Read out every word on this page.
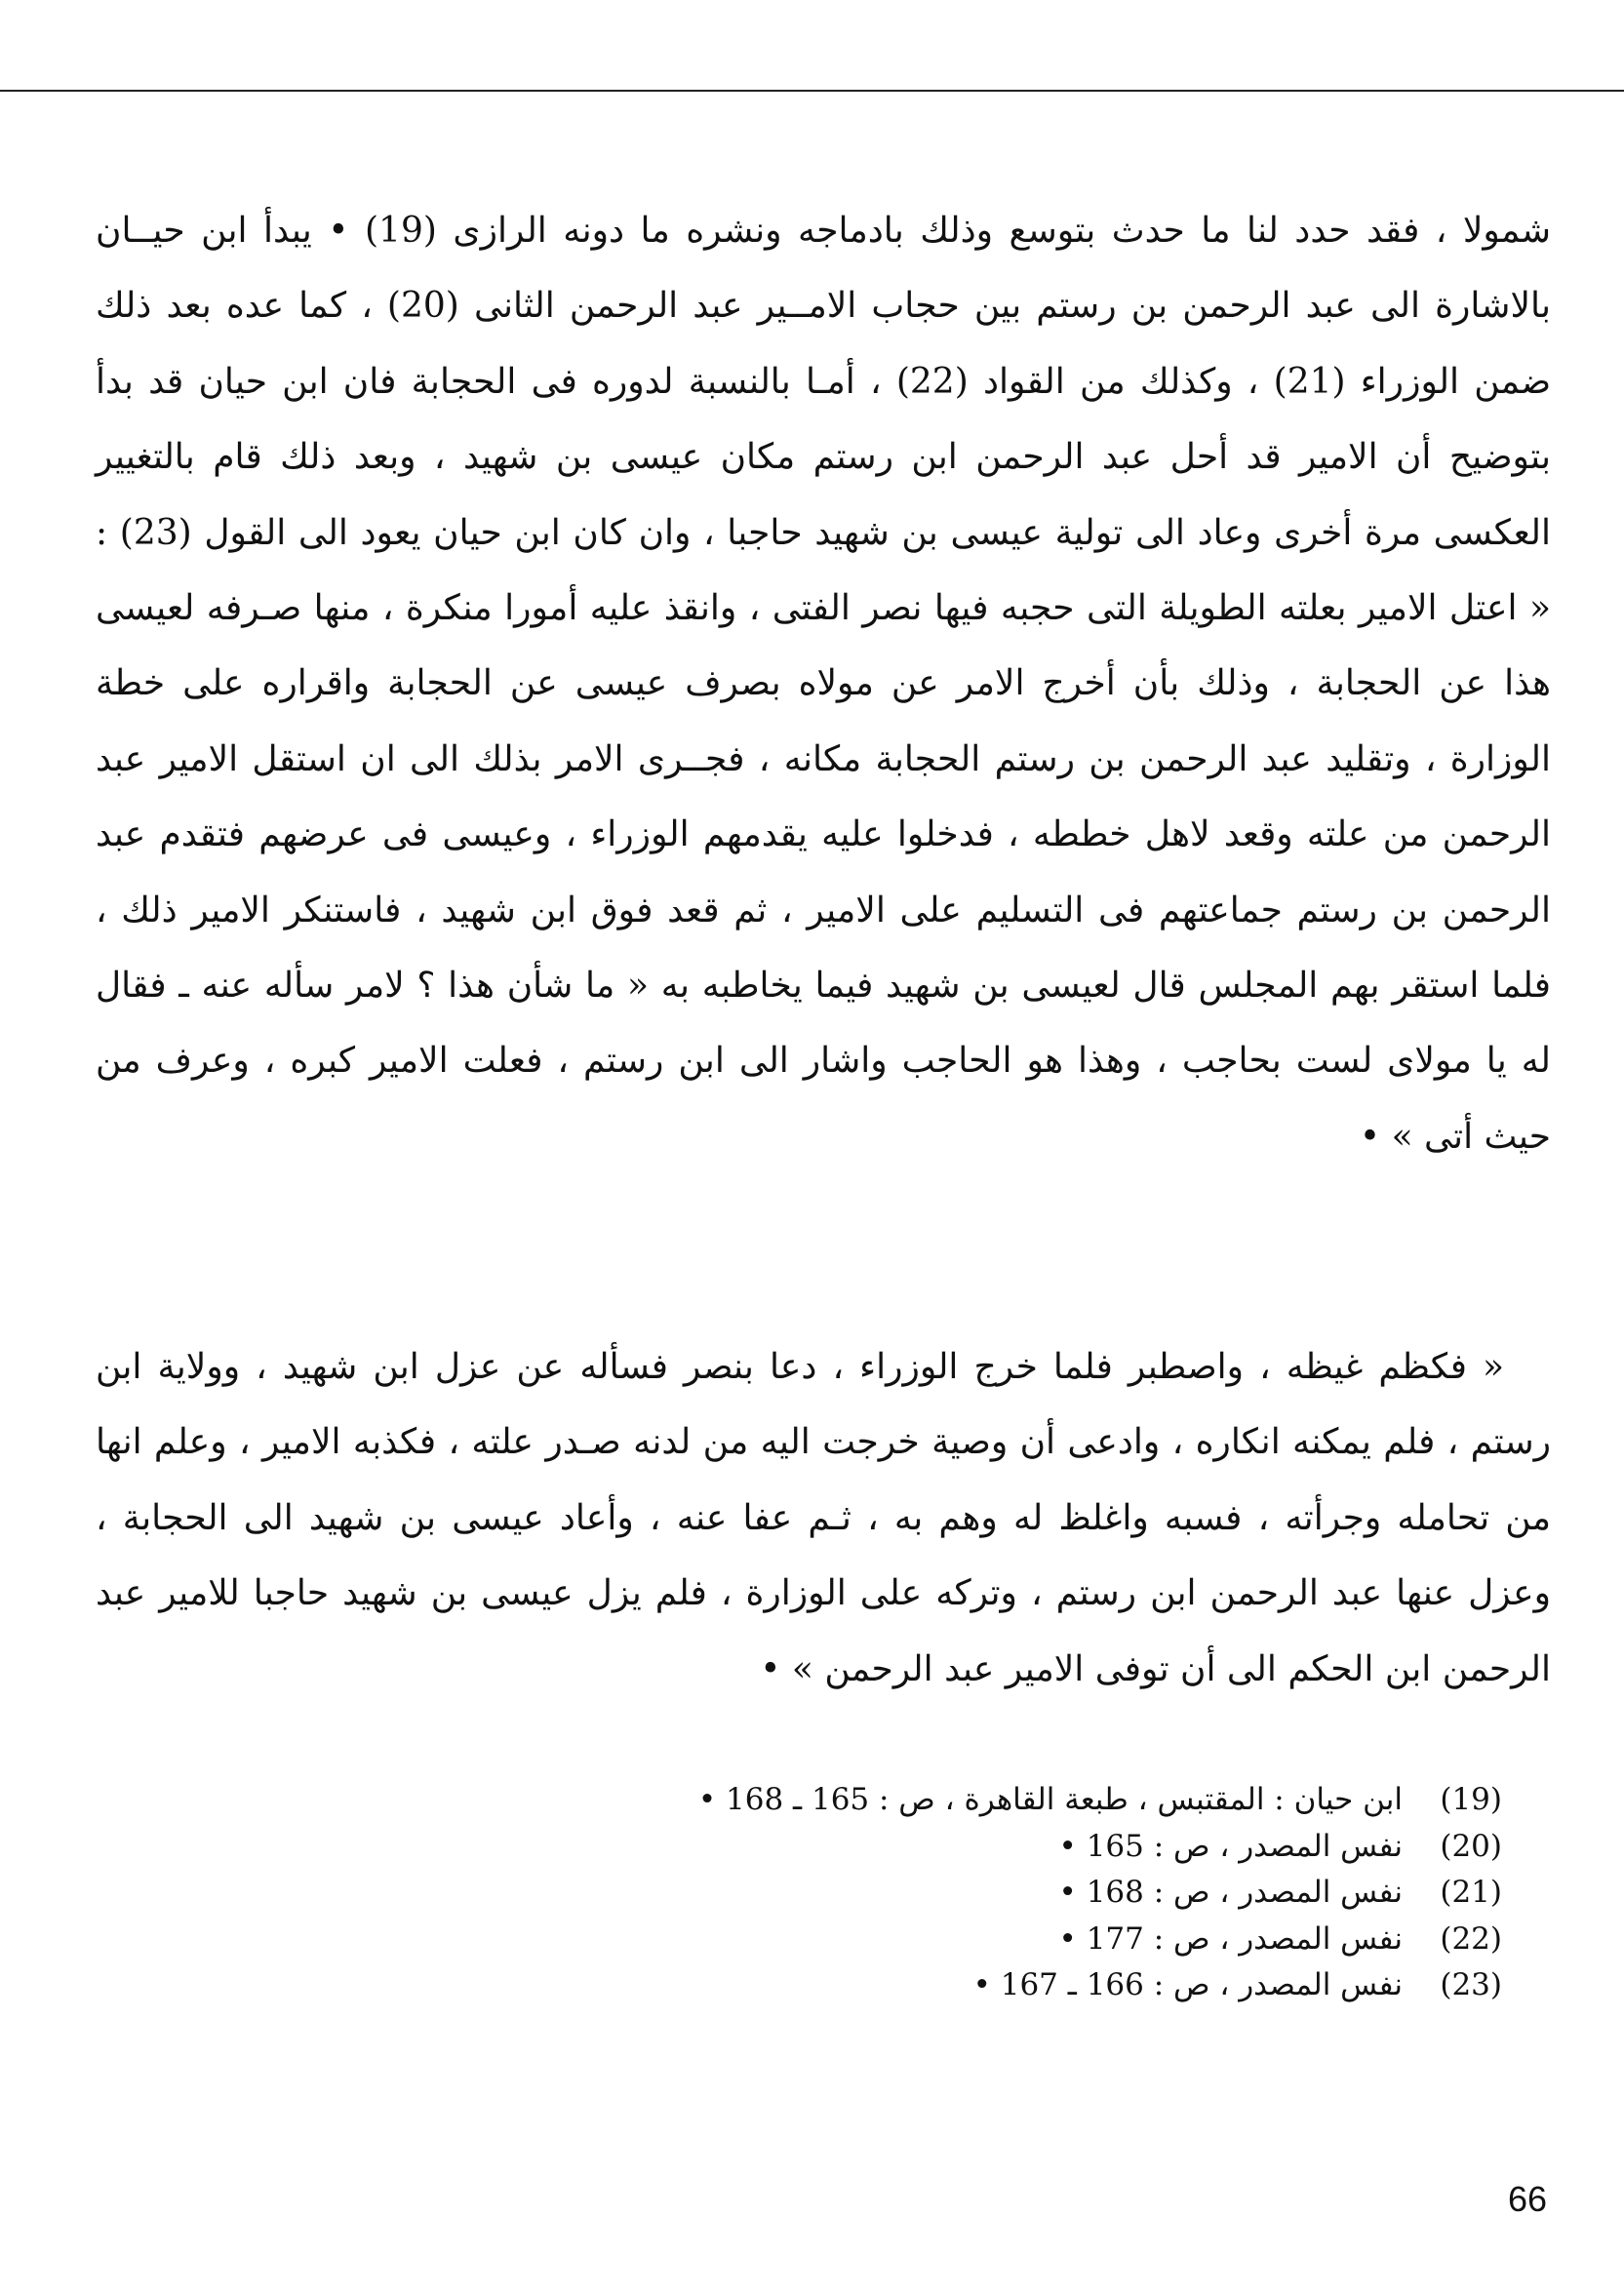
شمولا ، فقد حدد لنا ما حدث بتوسع وذلك بادماجه ونشره ما دونه الرازى (19) • يبدأ ابن حيــان بالاشارة الى عبد الرحمن بن رستم بين حجاب الامــير عبد الرحمن الثانى (20) ، كما عده بعد ذلك ضمن الوزراء (21) ، وكذلك من القواد (22) ، أمـا بالنسبة لدوره فى الحجابة فان ابن حيان قد بدأ بتوضيح أن الامير قد أحل عبد الرحمن ابن رستم مكان عيسى بن شهيد ، وبعد ذلك قام بالتغيير العكسى مرة أخرى وعاد الى تولية عيسى بن شهيد حاجبا ، وان كان ابن حيان يعود الى القول (23) : « اعتل الامير بعلته الطويلة التى حجبه فيها نصر الفتى ، وانقذ عليه أمورا منكرة ، منها صـرفه لعيسى هذا عن الحجابة ، وذلك بأن أخرج الامر عن مولاه بصرف عيسى عن الحجابة واقراره على خطة الوزارة ، وتقليد عبد الرحمن بن رستم الحجابة مكانه ، فجــرى الامر بذلك الى ان استقل الامير عبد الرحمن من علته وقعد لاهل خططه ، فدخلوا عليه يقدمهم الوزراء ، وعيسى فى عرضهم فتقدم عبد الرحمن بن رستم جماعتهم فى التسليم على الامير ، ثم قعد فوق ابن شهيد ، فاستنكر الامير ذلك ، فلما استقر بهم المجلس قال لعيسى بن شهيد فيما يخاطبه به « ما شأن هذا ؟ لامر سأله عنه ـ فقال له يا مولاى لست بحاجب ، وهذا هو الحاجب واشار الى ابن رستم ، فعلت الامير كبره ، وعرف من حيث أتى » •

« فكظم غيظه ، واصطبر فلما خرج الوزراء ، دعا بنصر فسأله عن عزل ابن شهيد ، وولاية ابن رستم ، فلم يمكنه انكاره ، وادعى أن وصية خرجت اليه من لدنه صـدر علته ، فكذبه الامير ، وعلم انها من تحامله وجرأته ، فسبه واغلظ له وهم به ، ثـم عفا عنه ، وأعاد عيسى بن شهيد الى الحجابة ، وعزل عنها عبد الرحمن ابن رستم ، وتركه على الوزارة ، فلم يزل عيسى بن شهيد حاجبا للامير عبد الرحمن ابن الحكم الى أن توفى الامير عبد الرحمن » •

(19)
ابن حيان : المقتبس ، طبعة القاهرة ، ص : 165 ـ 168 •
(20)
نفس المصدر ، ص : 165 •
(21)
نفس المصدر ، ص : 168 •
(22)
نفس المصدر ، ص : 177 •
(23)
نفس المصدر ، ص : 166 ـ 167 •
66
